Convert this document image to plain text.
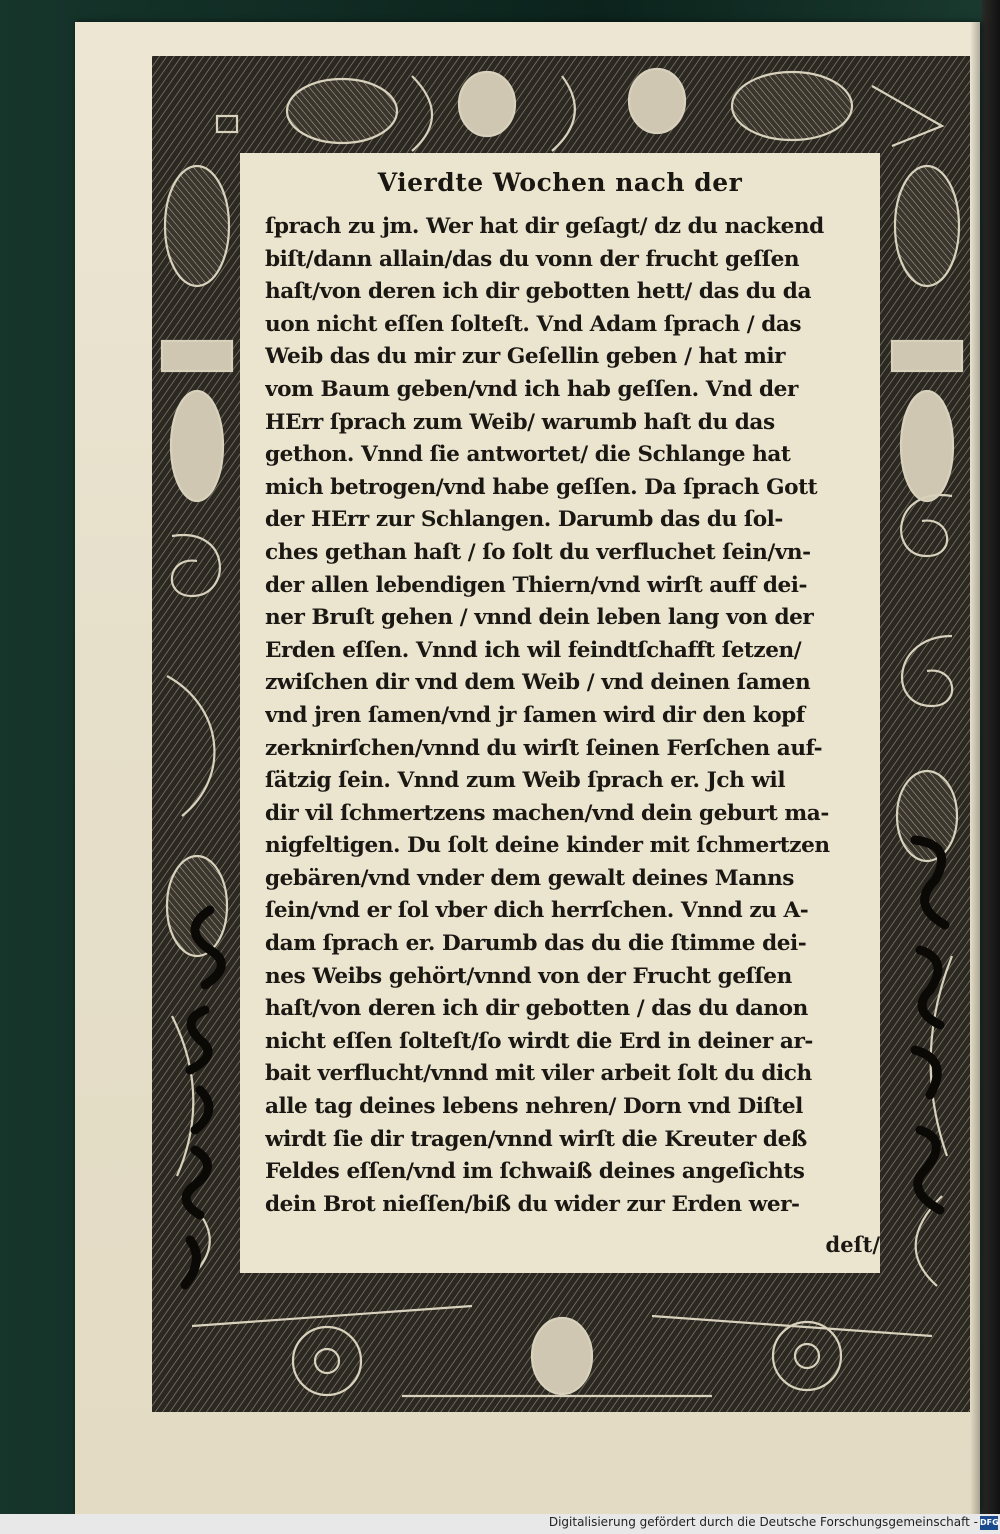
Vierdte Wochen nach der
ſprach zu jm. Wer hat dir geſagt/ dz du nackend
biſt/dann allain/das du vonn der frucht geſſen
haſt/von deren ich dir gebotten hett/ das du da
uon nicht eſſen ſolteſt. Vnd Adam ſprach / das
Weib das du mir zur Geſellin geben / hat mir
vom Baum geben/vnd ich hab geſſen. Vnd der
HErr ſprach zum Weib/ warumb haſt du das
gethon. Vnnd ſie antwortet/ die Schlange hat
mich betrogen/vnd habe geſſen. Da ſprach Gott
der HErr zur Schlangen. Darumb das du ſol-
ches gethan haſt / ſo ſolt du verfluchet ſein/vn-
der allen lebendigen Thiern/vnd wirſt auff dei-
ner Bruſt gehen / vnnd dein leben lang von der
Erden eſſen. Vnnd ich wil feindtſchafft ſetzen/
zwiſchen dir vnd dem Weib / vnd deinen ſamen
vnd jren ſamen/vnd jr ſamen wird dir den kopf
zerknirſchen/vnnd du wirſt ſeinen Ferſchen auf-
ſätzig ſein. Vnnd zum Weib ſprach er. Jch wil
dir vil ſchmertzens machen/vnd dein geburt ma-
nigfeltigen. Du ſolt deine kinder mit ſchmertzen
gebären/vnd vnder dem gewalt deines Manns
ſein/vnd er ſol vber dich herrſchen. Vnnd zu A-
dam ſprach er. Darumb das du die ſtimme dei-
nes Weibs gehört/vnnd von der Frucht geſſen
haſt/von deren ich dir gebotten / das du danon
nicht eſſen ſolteſt/ſo wirdt die Erd in deiner ar-
bait verflucht/vnnd mit viler arbeit ſolt du dich
alle tag deines lebens nehren/ Dorn vnd Diſtel
wirdt ſie dir tragen/vnnd wirſt die Kreuter deß
Feldes eſſen/vnd im ſchwaiß deines angeſichts
dein Brot nieſſen/biß du wider zur Erden wer-
deſt/
Digitalisierung gefördert durch die Deutsche Forschungsgemeinschaft - DFG
